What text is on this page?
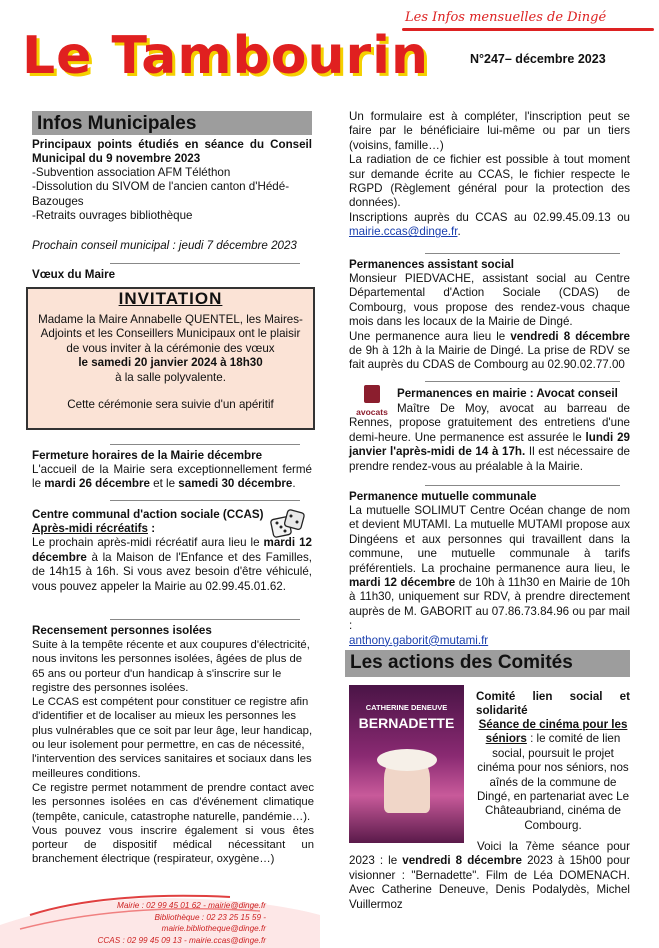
Les Infos mensuelles de Dingé
Le Tambourin	N°247– décembre 2023
Infos Municipales

Principaux points étudiés en séance du Conseil Municipal du 9 novembre 2023

-Subvention association AFM Téléthon

-Dissolution du SIVOM de l'ancien canton d'Hédé-Bazouges

-Retraits ouvrages bibliothèque

Prochain conseil municipal : jeudi 7 décembre 2023

Vœux du Maire
INVITATION
Madame la Maire Annabelle QUENTEL, les Maires-Adjoints et les Conseillers Municipaux ont le plaisir de vous inviter à la cérémonie des vœux
le samedi 20 janvier 2024 à 18h30
à la salle polyvalente.
Cette cérémonie sera suivie d'un apéritif

Fermeture horaires de la Mairie décembre

L'accueil de la Mairie sera exceptionnellement fermé le mardi 26 décembre et le samedi 30 décembre.

Centre communal d'action sociale (CCAS)

Après-midi récréatifs :

Le prochain après-midi récréatif aura lieu le mardi 12 décembre à la Maison de l'Enfance et des Familles, de 14h15 à 16h. Si vous avez besoin d'être véhiculé, vous pouvez appeler la Mairie au 02.99.45.01.62.

Recensement personnes isolées

Suite à la tempête récente et aux coupures d'électricité, nous invitons les personnes isolées, âgées de plus de 65 ans ou porteur d'un handicap à s'inscrire sur le registre des personnes isolées.

Le CCAS est compétent pour constituer ce registre afin d'identifier et de localiser au mieux les personnes les plus vulnérables que ce soit par leur âge, leur handicap, ou leur isolement pour permettre, en cas de nécessité, l'intervention des services sanitaires et sociaux dans les meilleures conditions.

Ce registre permet notamment de prendre contact avec les personnes isolées en cas d'événement climatique (tempête, canicule, catastrophe naturelle, pandémie…).

Vous pouvez vous inscrire également si vous êtes porteur de dispositif médical nécessitant un branchement électrique (respirateur, oxygène…)

Un formulaire est à compléter, l'inscription peut se faire par le bénéficiaire lui-même ou par un tiers (voisins, famille…)

La radiation de ce fichier est possible à tout moment sur demande écrite au CCAS, le fichier respecte le RGPD (Règlement général pour la protection des données).

Inscriptions auprès du CCAS au 02.99.45.09.13 ou mairie.ccas@dinge.fr.

Permanences assistant social

Monsieur PIEDVACHE, assistant social au Centre Départemental d'Action Sociale (CDAS) de Combourg, vous propose des rendez-vous chaque mois dans les locaux de la Mairie de Dingé.

Une permanence aura lieu le vendredi 8 décembre de 9h à 12h à la Mairie de Dingé. La prise de RDV se fait auprès du CDAS de Combourg au 02.90.02.77.00

avocats
Permanences en mairie : Avocat conseil

Maître De Moy, avocat au barreau de Rennes, propose gratuitement des entretiens d'une demi-heure. Une permanence est assurée le lundi 29 janvier l'après-midi de 14 à 17h. Il est nécessaire de prendre rendez-vous au préalable à la Mairie.

Permanence mutuelle communale

La mutuelle SOLIMUT Centre Océan change de nom et devient MUTAMI. La mutuelle MUTAMI propose aux Dingéens et aux personnes qui travaillent dans la commune, une mutuelle communale à tarifs préférentiels. La prochaine permanence aura lieu, le mardi 12 décembre de 10h à 11h30 en Mairie de 10h à 11h30, uniquement sur RDV, à prendre directement auprès de M. GABORIT au 07.86.73.84.96 ou par mail :

anthony.gaborit@mutami.fr

Les actions des Comités
CATHERINE DENEUVE
BERNADETTE

Comité lien social et solidarité

Séance de cinéma pour les séniors : le comité de lien social, poursuit le projet cinéma pour nos séniors, nos aînés de la commune de Dingé, en partenariat avec Le Châteaubriand, cinéma de Combourg.

Voici la 7ème séance pour 2023 : le vendredi 8 décembre 2023 à 15h00 pour visionner : "Bernadette". Film de Léa DOMENACH. Avec Catherine Deneuve, Denis Podalydès, Michel Vuillermoz

Mairie : 02 99 45 01 62 - mairie@dinge.fr
Bibliothèque : 02 23 25 15 59 - mairie.bibliotheque@dinge.fr
CCAS : 02 99 45 09 13 - mairie.ccas@dinge.fr
